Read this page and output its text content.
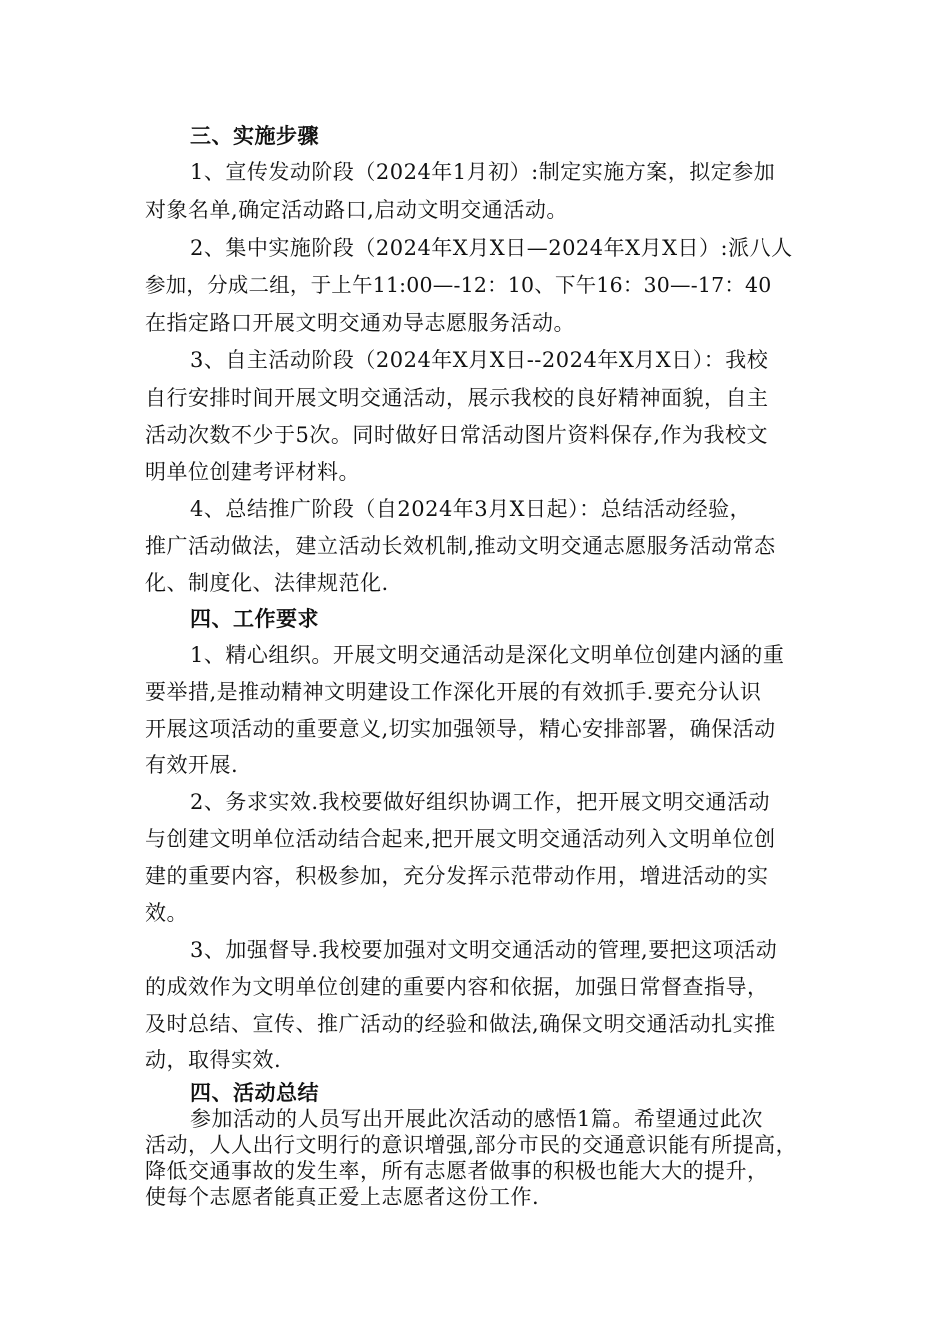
三、实施步骤
1、宣传发动阶段（2024年1月初）:制定实施方案，拟定参加
对象名单,确定活动路口,启动文明交通活动。
2、集中实施阶段（2024年X月X日—2024年X月X日）:派八人
参加，分成二组，于上午11:00—-12：10、下午16：30—-17：40
在指定路口开展文明交通劝导志愿服务活动。
3、自主活动阶段（2024年X月X日--2024年X月X日）：我校
自行安排时间开展文明交通活动，展示我校的良好精神面貌，自主
活动次数不少于5次。同时做好日常活动图片资料保存,作为我校文
明单位创建考评材料。
4、总结推广阶段（自2024年3月X日起）：总结活动经验，
推广活动做法，建立活动长效机制,推动文明交通志愿服务活动常态
化、制度化、法律规范化.
四、工作要求
1、精心组织。开展文明交通活动是深化文明单位创建内涵的重
要举措,是推动精神文明建设工作深化开展的有效抓手.要充分认识
开展这项活动的重要意义,切实加强领导，精心安排部署，确保活动
有效开展.
2、务求实效.我校要做好组织协调工作，把开展文明交通活动
与创建文明单位活动结合起来,把开展文明交通活动列入文明单位创
建的重要内容，积极参加，充分发挥示范带动作用，增进活动的实
效。
3、加强督导.我校要加强对文明交通活动的管理,要把这项活动
的成效作为文明单位创建的重要内容和依据，加强日常督查指导，
及时总结、宣传、推广活动的经验和做法,确保文明交通活动扎实推
动，取得实效.
四、活动总结
参加活动的人员写出开展此次活动的感悟1篇。希望通过此次
活动，人人出行文明行的意识增强,部分市民的交通意识能有所提高，
降低交通事故的发生率，所有志愿者做事的积极也能大大的提升，
使每个志愿者能真正爱上志愿者这份工作.
